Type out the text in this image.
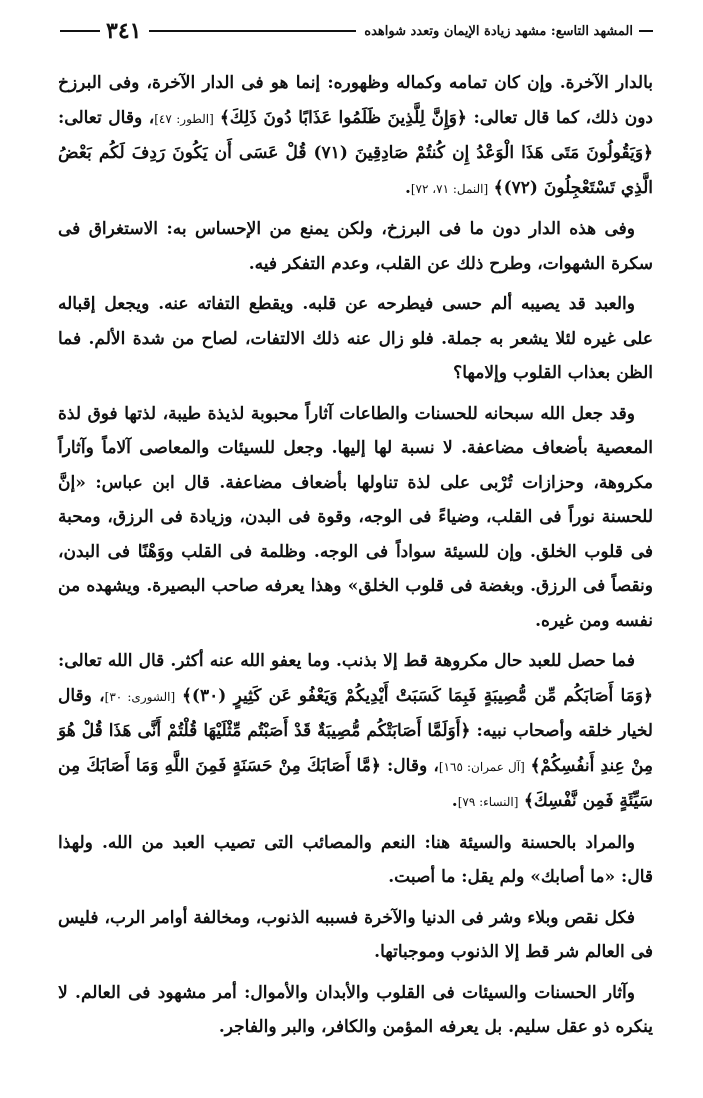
٣٤١	المشهد التاسع: مشهد زيادة الإيمان وتعدد شواهده

بالدار الآخرة. وإن كان تمامه وكماله وظهوره: إنما هو فى الدار الآخرة، وفى البرزخ دون ذلك، كما قال تعالى: ﴿وَإِنَّ لِلَّذِينَ ظَلَمُوا عَذَابًا دُونَ ذَلِكَ﴾ [الطور: ٤٧]، وقال تعالى: ﴿وَيَقُولُونَ مَتَى هَذَا الْوَعْدُ إِن كُنتُمْ صَادِقِينَ (٧١) قُلْ عَسَى أَن يَكُونَ رَدِفَ لَكُم بَعْضُ الَّذِي تَسْتَعْجِلُونَ (٧٢)﴾ [النمل: ٧١، ٧٢].

وفى هذه الدار دون ما فى البرزخ، ولكن يمنع من الإحساس به: الاستغراق فى سكرة الشهوات، وطرح ذلك عن القلب، وعدم التفكر فيه.

والعبد قد يصيبه ألم حسى فيطرحه عن قلبه. ويقطع التفاته عنه. ويجعل إقباله على غيره لئلا يشعر به جملة. فلو زال عنه ذلك الالتفات، لصاح من شدة الألم. فما الظن بعذاب القلوب وإلامها؟

وقد جعل الله سبحانه للحسنات والطاعات آثاراً محبوبة لذيذة طيبة، لذتها فوق لذة المعصية بأضعاف مضاعفة. لا نسبة لها إليها. وجعل للسيئات والمعاصى آلاماً وآثاراً مكروهة، وحزازات تُرْبى على لذة تناولها بأضعاف مضاعفة. قال ابن عباس: «إنَّ للحسنة نوراً فى القلب، وضياءً فى الوجه، وقوة فى البدن، وزيادة فى الرزق، ومحبة فى قلوب الخلق. وإن للسيئة سواداً فى الوجه. وظلمة فى القلب ووَهْنًا فى البدن، ونقصاً فى الرزق. وبغضة فى قلوب الخلق» وهذا يعرفه صاحب البصيرة. ويشهده من نفسه ومن غيره.

فما حصل للعبد حال مكروهة قط إلا بذنب. وما يعفو الله عنه أكثر. قال الله تعالى: ﴿وَمَا أَصَابَكُم مِّن مُّصِيبَةٍ فَبِمَا كَسَبَتْ أَيْدِيكُمْ وَيَعْفُو عَن كَثِيرٍ (٣٠)﴾ [الشورى: ٣٠]، وقال لخيار خلقه وأصحاب نبيه: ﴿أَوَلَمَّا أَصَابَتْكُم مُّصِيبَةٌ قَدْ أَصَبْتُم مِّثْلَيْهَا قُلْتُمْ أَنَّى هَذَا قُلْ هُوَ مِنْ عِندِ أَنفُسِكُمْ﴾ [آل عمران: ١٦٥]، وقال: ﴿مَّا أَصَابَكَ مِنْ حَسَنَةٍ فَمِنَ اللَّهِ وَمَا أَصَابَكَ مِن سَيِّئَةٍ فَمِن نَّفْسِكَ﴾ [النساء: ٧٩].

والمراد بالحسنة والسيئة هنا: النعم والمصائب التى تصيب العبد من الله. ولهذا قال: «ما أصابك» ولم يقل: ما أصبت.

فكل نقص وبلاء وشر فى الدنيا والآخرة فسببه الذنوب، ومخالفة أوامر الرب، فليس فى العالم شر قط إلا الذنوب وموجباتها.

وآثار الحسنات والسيئات فى القلوب والأبدان والأموال: أمر مشهود فى العالم. لا ينكره ذو عقل سليم. بل يعرفه المؤمن والكافر، والبر والفاجر.
